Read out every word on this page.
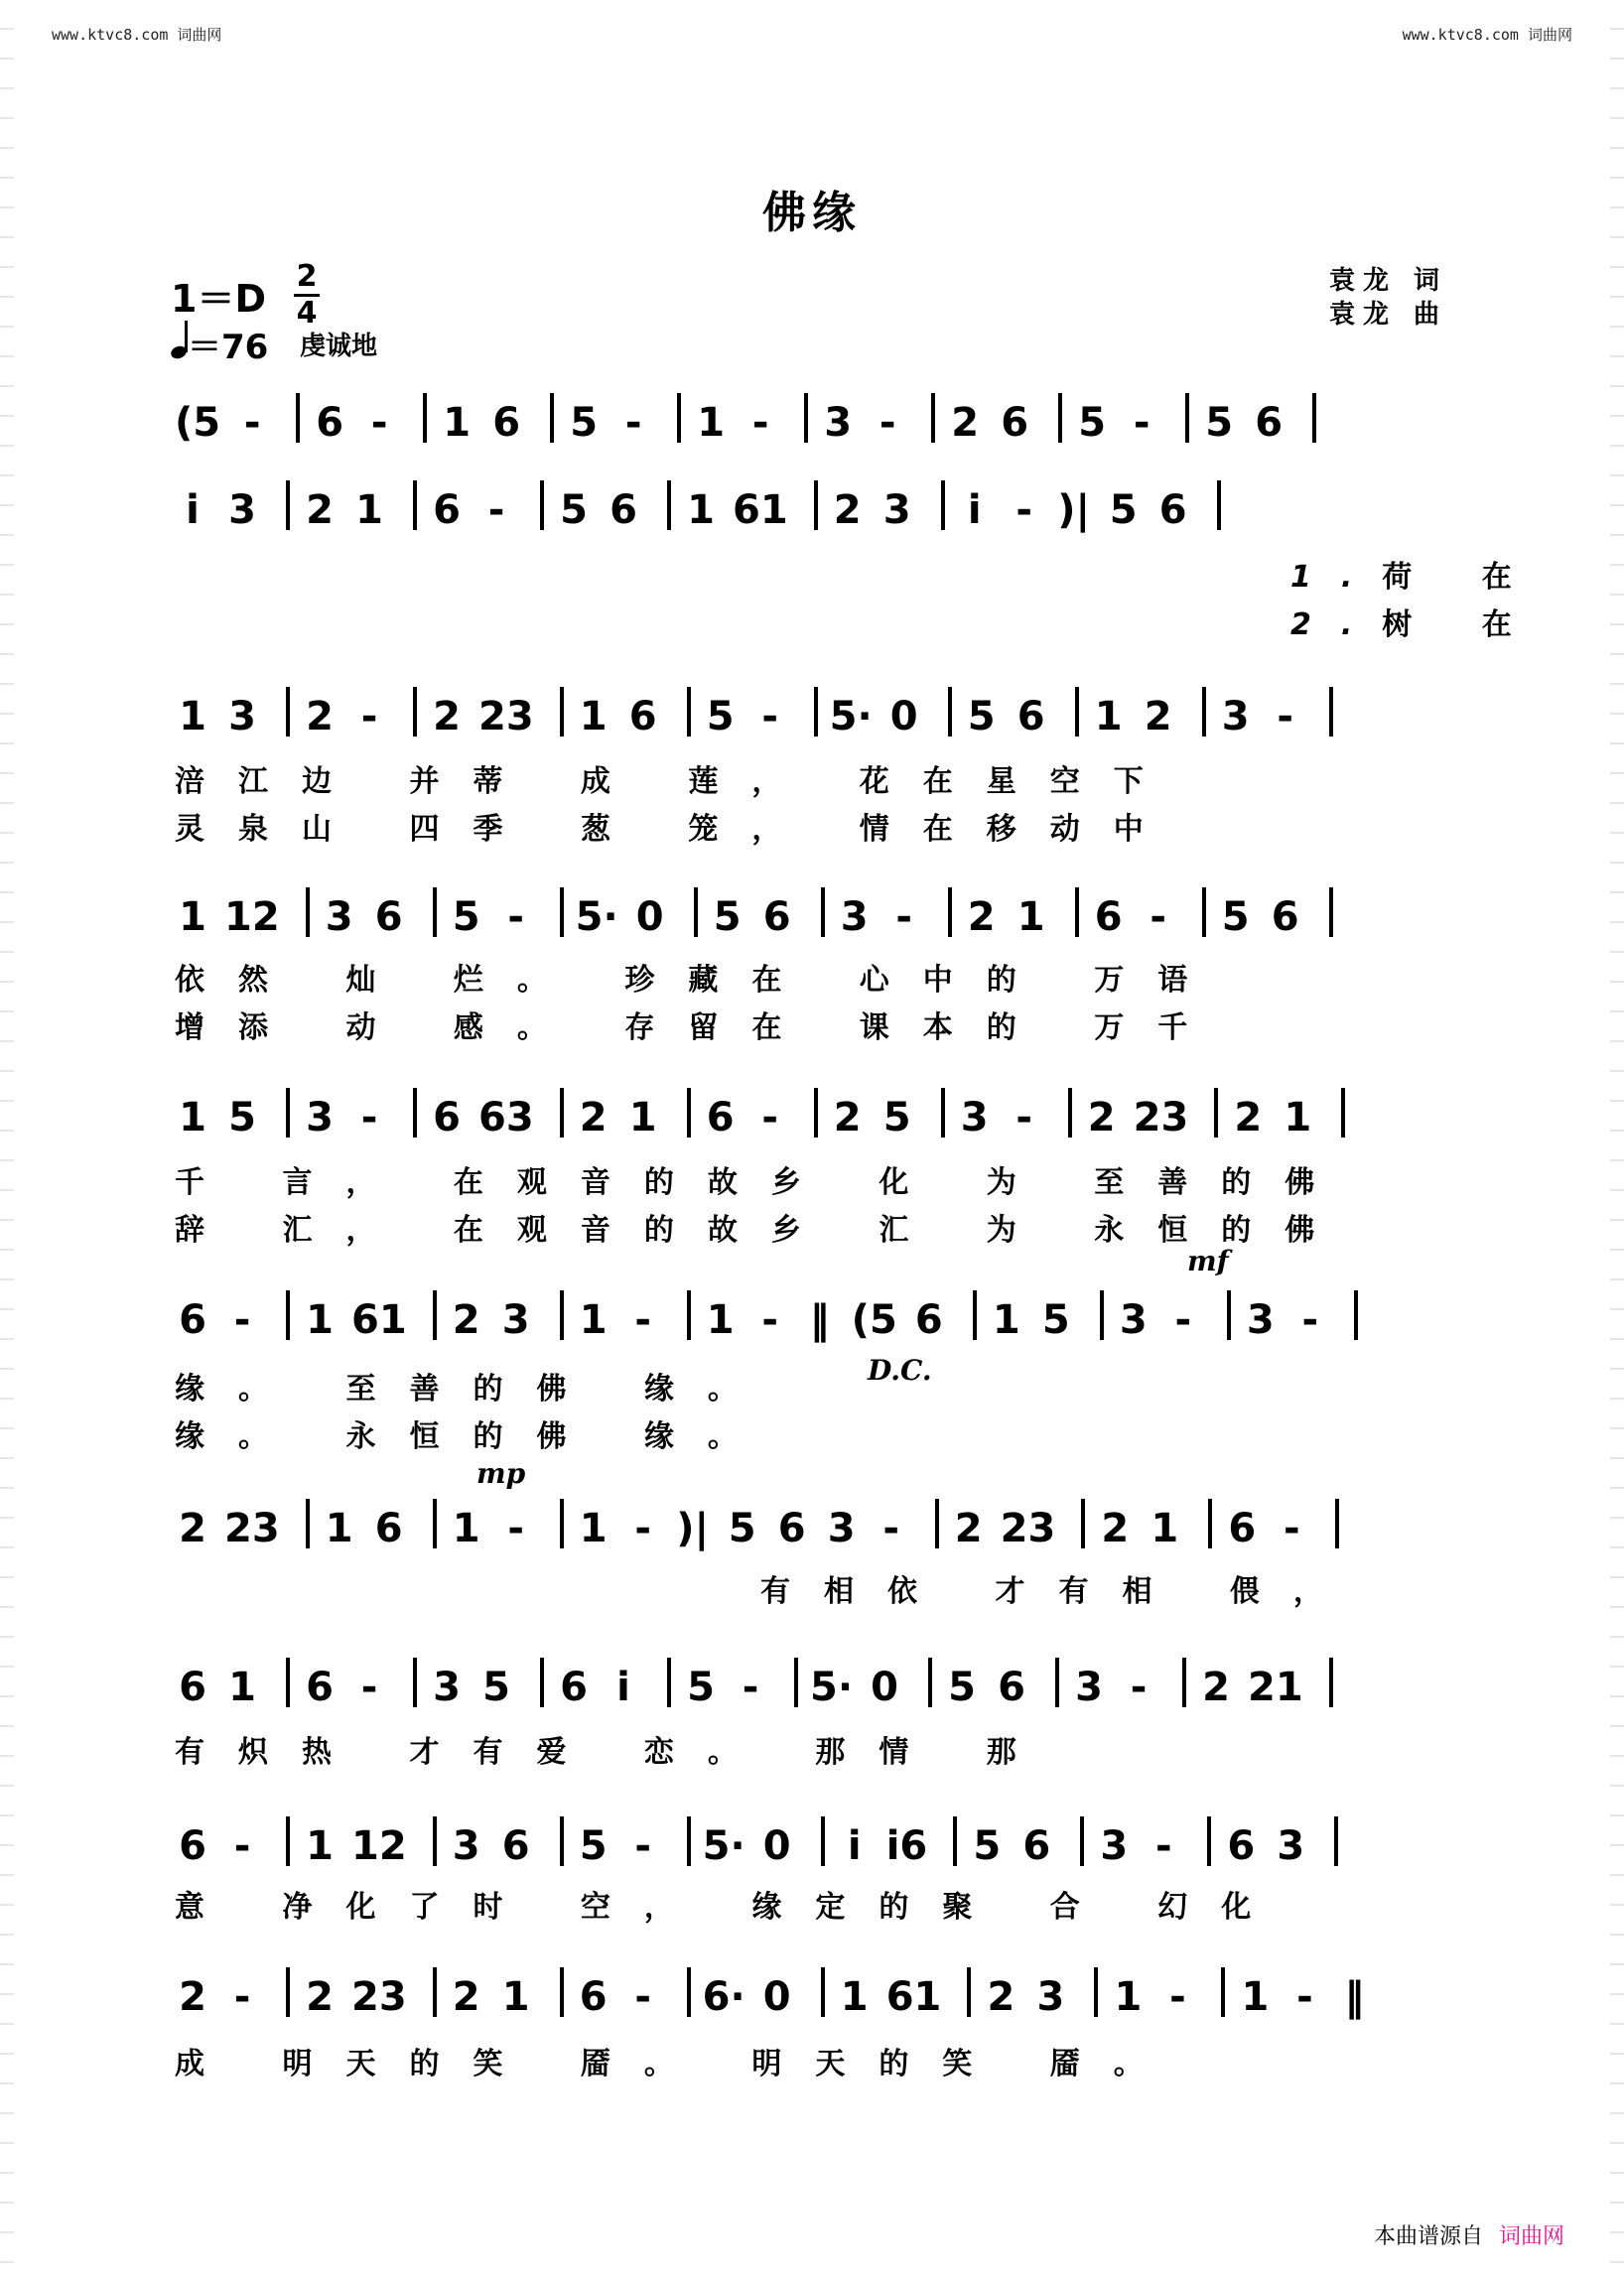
www.ktvc8.com 词曲网	www.ktvc8.com 词曲网
佛缘
1＝D
2
4
＝76 虔诚地
袁龙 词
袁龙 曲
(5 - 6 - 1 6 5 - 1 - 3 - 2 6 5 - 5 6
i 3 2 1 6 - 5 6 1 61 2 3 i - )| 5 6
1.荷 在
2.树 在
1 3 2 - 2 23 1 6 5 - 5· 0 5 6 1 2 3 -
涪江边 并蒂 成 莲， 花在星空下
灵泉山 四季 葱 笼， 情在移动中
1 12 3 6 5 - 5· 0 5 6 3 - 2 1 6 - 5 6
依然 灿 烂。 珍藏在 心中的 万语
增添 动 感。 存留在 课本的 万千
1 5 3 - 6 63 2 1 6 - 2 5 3 - 2 23 2 1
千 言， 在观音的故乡 化 为 至善的佛
辞 汇， 在观音的故乡 汇 为 永恒的佛
6 - 1 61 2 3 1 - 1 - ‖ (5 6 1 5 3 - 3 -
mf
D.C.
缘。 至善的佛 缘。
缘。 永恒的佛 缘。
2 23 1 6 1 - 1 - )| 5 6 3 - 2 23 2 1 6 -
mp
有相依 才有相 偎，
6 1 6 - 3 5 6 i 5 - 5· 0 5 6 3 - 2 21
有炽热 才有爱 恋。 那情 那
6 - 1 12 3 6 5 - 5· 0 i i6 5 6 3 - 6 3
意 净化了时 空， 缘定的聚 合 幻化
2 - 2 23 2 1 6 - 6· 0 1 61 2 3 1 - 1 - ‖
成 明天的笑 靥。 明天的笑 靥。
本曲谱源自 词曲网
